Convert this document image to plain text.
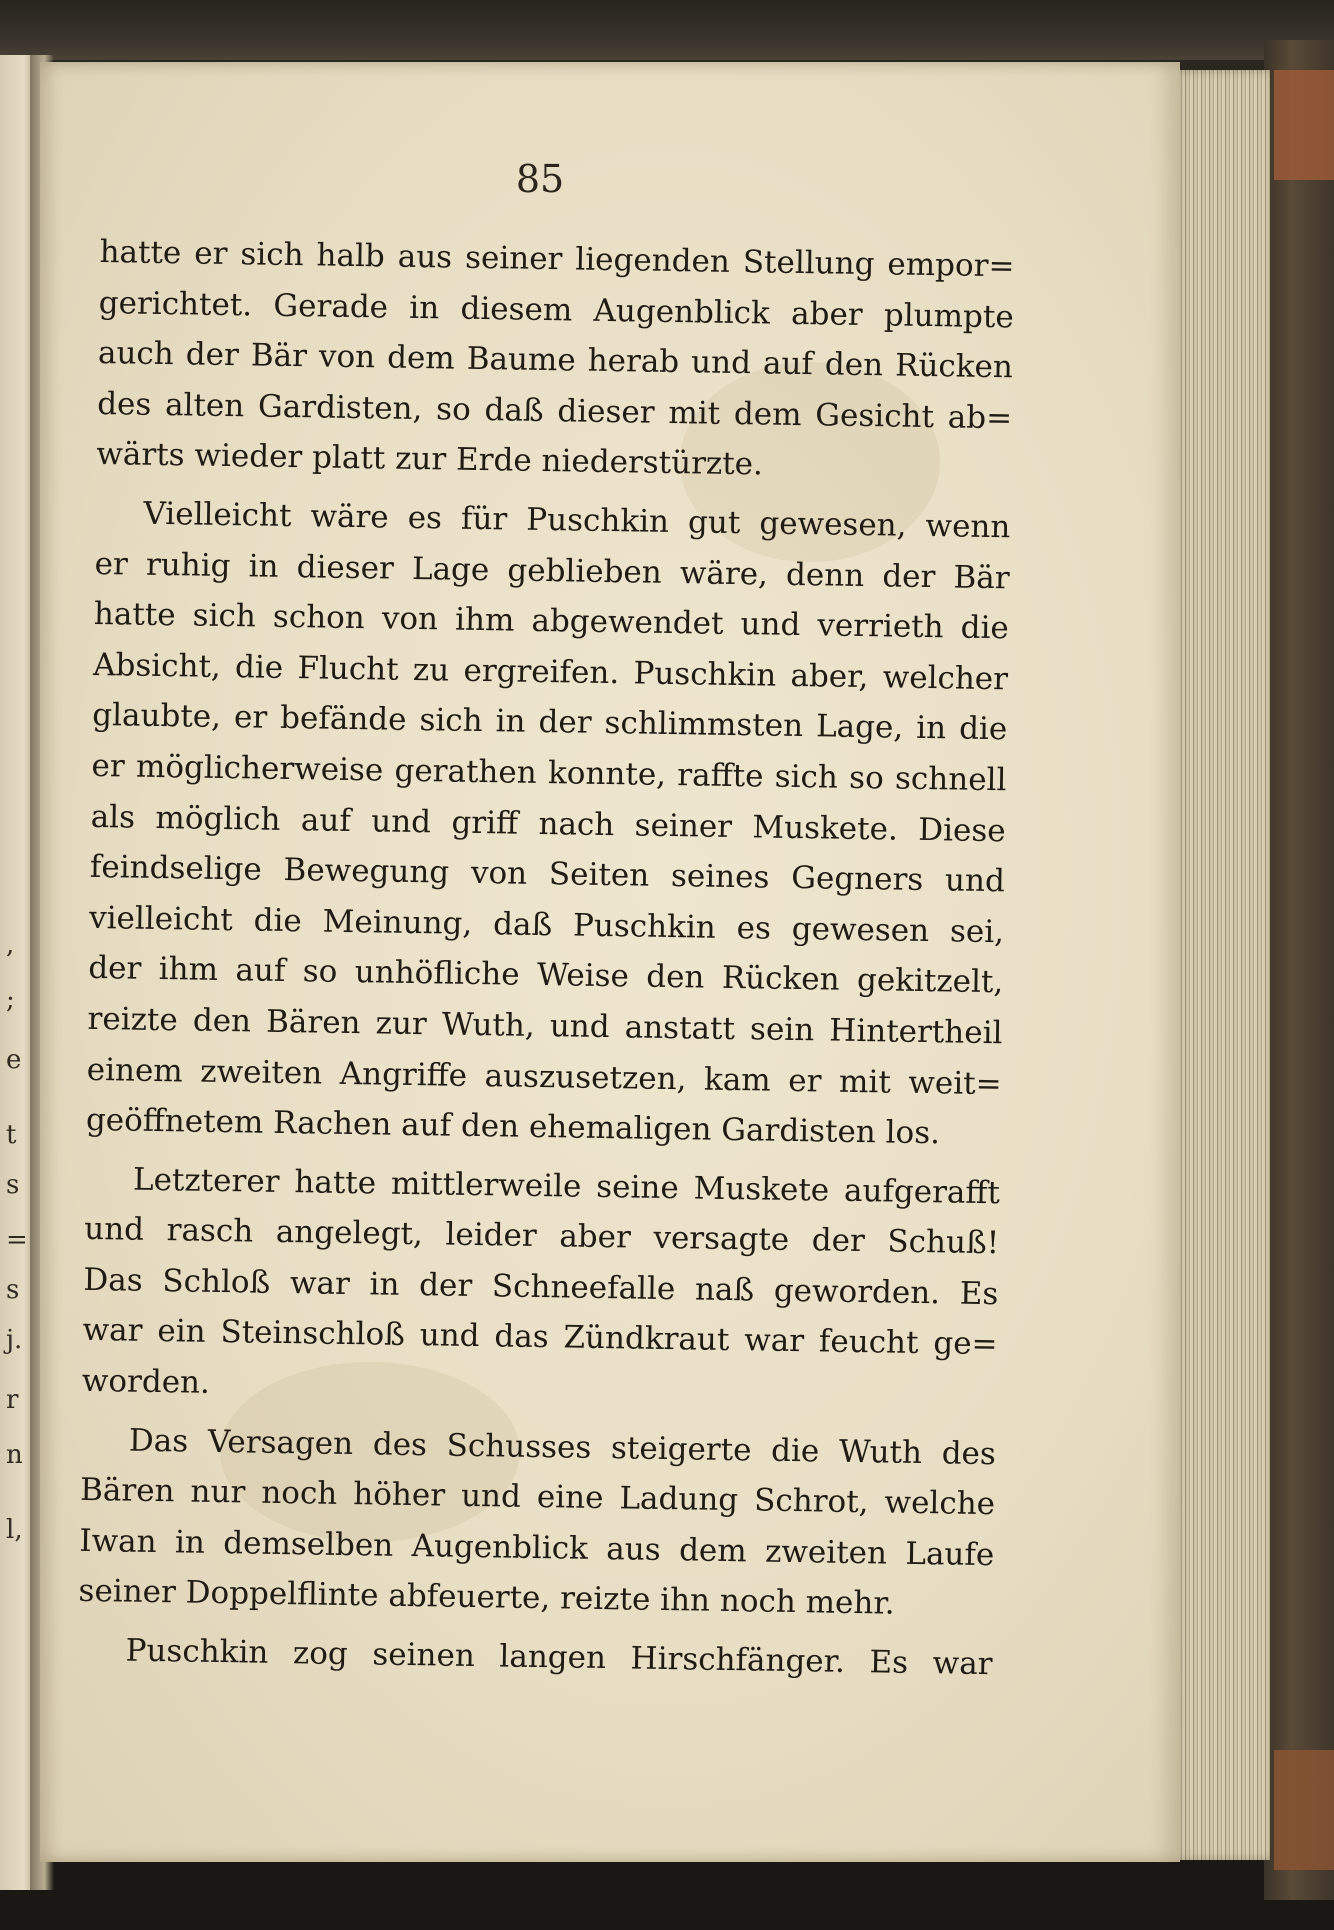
,
;
e
t
s
=
s
j.
r
n
l,
85
hatte er sich halb aus seiner liegenden Stellung empor=
gerichtet. Gerade in diesem Augenblick aber plumpte
auch der Bär von dem Baume herab und auf den Rücken
des alten Gardisten, so daß dieser mit dem Gesicht ab=
wärts wieder platt zur Erde niederstürzte.
Vielleicht wäre es für Puschkin gut gewesen, wenn
er ruhig in dieser Lage geblieben wäre, denn der Bär
hatte sich schon von ihm abgewendet und verrieth die
Absicht, die Flucht zu ergreifen. Puschkin aber, welcher
glaubte, er befände sich in der schlimmsten Lage, in die
er möglicherweise gerathen konnte, raffte sich so schnell
als möglich auf und griff nach seiner Muskete. Diese
feindselige Bewegung von Seiten seines Gegners und
vielleicht die Meinung, daß Puschkin es gewesen sei,
der ihm auf so unhöfliche Weise den Rücken gekitzelt,
reizte den Bären zur Wuth, und anstatt sein Hintertheil
einem zweiten Angriffe auszusetzen, kam er mit weit=
geöffnetem Rachen auf den ehemaligen Gardisten los.
Letzterer hatte mittlerweile seine Muskete aufgerafft
und rasch angelegt, leider aber versagte der Schuß!
Das Schloß war in der Schneefalle naß geworden. Es
war ein Steinschloß und das Zündkraut war feucht ge=
worden.
Das Versagen des Schusses steigerte die Wuth des
Bären nur noch höher und eine Ladung Schrot, welche
Iwan in demselben Augenblick aus dem zweiten Laufe
seiner Doppelflinte abfeuerte, reizte ihn noch mehr.
Puschkin zog seinen langen Hirschfänger. Es war
